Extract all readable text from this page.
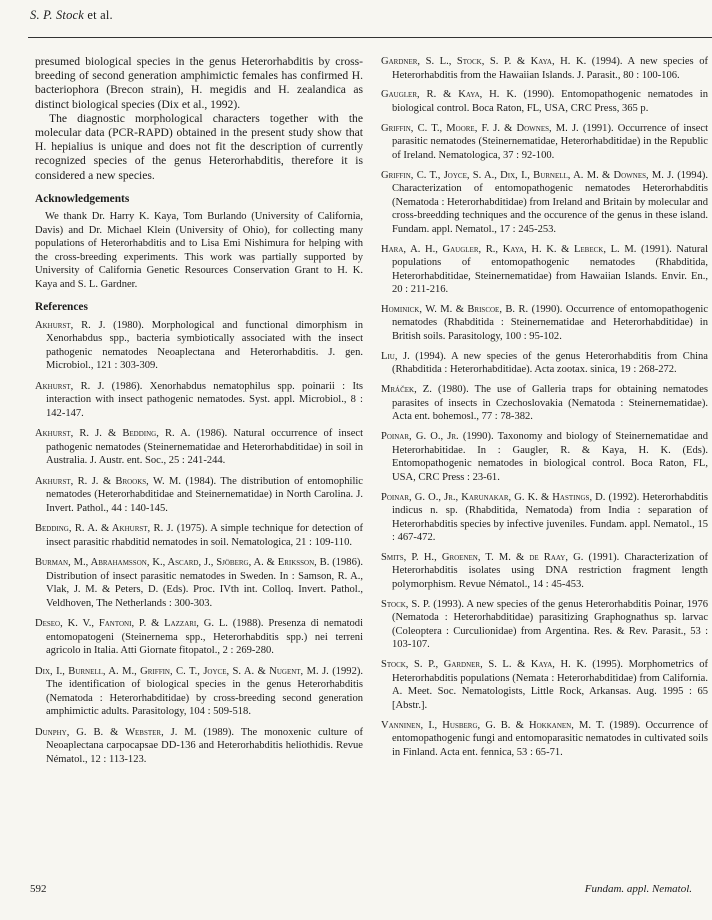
S. P. Stock et al.

presumed biological species in the genus Heterorhabditis by cross-breeding of second generation amphimictic females has confirmed H. bacteriophora (Brecon strain), H. megidis and H. zealandica as distinct biological species (Dix et al., 1992).

The diagnostic morphological characters together with the molecular data (PCR-RAPD) obtained in the present study show that H. hepialius is unique and does not fit the description of currently recognized species of the genus Heterorhabditis, therefore it is considered a new species.

Acknowledgements

We thank Dr. Harry K. Kaya, Tom Burlando (University of California, Davis) and Dr. Michael Klein (University of Ohio), for collecting many populations of Heterorhabditis and to Lisa Emi Nishimura for helping with the cross-breeding experiments. This work was partially supported by University of California Genetic Resources Conservation Grant to H. K. Kaya and S. L. Gardner.

References

Akhurst, R. J. (1980). Morphological and functional dimorphism in Xenorhabdus spp., bacteria symbiotically associated with the insect pathogenic nematodes Neoaplectana and Heterorhabditis. J. gen. Microbiol., 121 : 303-309.

Akhurst, R. J. (1986). Xenorhabdus nematophilus spp. poinarii : Its interaction with insect pathogenic nematodes. Syst. appl. Microbiol., 8 : 142-147.

Akhurst, R. J. & Bedding, R. A. (1986). Natural occurrence of insect pathogenic nematodes (Steinernematidae and Heterorhabditidae) in soil in Australia. J. Austr. ent. Soc., 25 : 241-244.

Akhurst, R. J. & Brooks, W. M. (1984). The distribution of entomophilic nematodes (Heterorhabditidae and Steinernematidae) in North Carolina. J. Invert. Pathol., 44 : 140-145.

Bedding, R. A. & Akhurst, R. J. (1975). A simple technique for detection of insect parasitic rhabditid nematodes in soil. Nematologica, 21 : 109-110.

Burman, M., Abrahamsson, K., Ascard, J., Sjöberg, A. & Eriksson, B. (1986). Distribution of insect parasitic nematodes in Sweden. In : Samson, R. A., Vlak, J. M. & Peters, D. (Eds). Proc. IVth int. Colloq. Invert. Pathol., Veldhoven, The Netherlands : 300-303.

Deseo, K. V., Fantoni, P. & Lazzari, G. L. (1988). Presenza di nematodi entomopatogeni (Steinernema spp., Heterorhabditis spp.) nei terreni agricolo in Italia. Atti Giornate fitopatol., 2 : 269-280.

Dix, I., Burnell, A. M., Griffin, C. T., Joyce, S. A. & Nugent, M. J. (1992). The identification of biological species in the genus Heterorhabditis (Nematoda : Heterorhabditidae) by cross-breeding second generation amphimictic adults. Parasitology, 104 : 509-518.

Dunphy, G. B. & Webster, J. M. (1989). The monoxenic culture of Neoaplectana carpocapsae DD-136 and Heterorhabditis heliothidis. Revue Nématol., 12 : 113-123.

Gardner, S. L., Stock, S. P. & Kaya, H. K. (1994). A new species of Heterorhabditis from the Hawaiian Islands. J. Parasit., 80 : 100-106.

Gaugler, R. & Kaya, H. K. (1990). Entomopathogenic nematodes in biological control. Boca Raton, FL, USA, CRC Press, 365 p.

Griffin, C. T., Moore, F. J. & Downes, M. J. (1991). Occurrence of insect parasitic nematodes (Steinernematidae, Heterorhabditidae) in the Republic of Ireland. Nematologica, 37 : 92-100.

Griffin, C. T., Joyce, S. A., Dix, I., Burnell, A. M. & Downes, M. J. (1994). Characterization of entomopathogenic nematodes Heterorhabditis (Nematoda : Heterorhabditidae) from Ireland and Britain by molecular and cross-breedding techniques and the occurence of the genus in these island. Fundam. appl. Nematol., 17 : 245-253.

Hara, A. H., Gaugler, R., Kaya, H. K. & Lebeck, L. M. (1991). Natural populations of entomopathogenic nematodes (Rhabditida, Heterorhabditidae, Steinernematidae) from Hawaiian Islands. Envir. En., 20 : 211-216.

Hominick, W. M. & Briscoe, B. R. (1990). Occurrence of entomopathogenic nematodes (Rhabditida : Steinernematidae and Heterorhabditidae) in British soils. Parasitology, 100 : 95-102.

Liu, J. (1994). A new species of the genus Heterorhabditis from China (Rhabditida : Heterorhabditidae). Acta zootax. sinica, 19 : 268-272.

Mráček, Z. (1980). The use of Galleria traps for obtaining nematodes parasites of insects in Czechoslovakia (Nematoda : Steinernematidae). Acta ent. bohemosl., 77 : 78-382.

Poinar, G. O., Jr. (1990). Taxonomy and biology of Steinernematidae and Heterorhabitidae. In : Gaugler, R. & Kaya, H. K. (Eds). Entomopathogenic nematodes in biological control. Boca Raton, FL, USA, CRC Press : 23-61.

Poinar, G. O., Jr., Karunakar, G. K. & Hastings, D. (1992). Heterorhabditis indicus n. sp. (Rhabditida, Nematoda) from India : separation of Heterorhabditis species by infective juveniles. Fundam. appl. Nematol., 15 : 467-472.

Smits, P. H., Groenen, T. M. & de Raay, G. (1991). Characterization of Heterorhabditis isolates using DNA restriction fragment length polymorphism. Revue Nématol., 14 : 45-453.

Stock, S. P. (1993). A new species of the genus Heterorhabditis Poinar, 1976 (Nematoda : Heterorhabditidae) parasitizing Graphognathus sp. larvac (Coleoptera : Curculionidae) from Argentina. Res. & Rev. Parasit., 53 : 103-107.

Stock, S. P., Gardner, S. L. & Kaya, H. K. (1995). Morphometrics of Heterorhabditis populations (Nemata : Heterorhabditidae) from California. A. Meet. Soc. Nematologists, Little Rock, Arkansas. Aug. 1995 : 65 [Abstr.].

Vanninen, I., Husberg, G. B. & Hokkanen, M. T. (1989). Occurrence of entomopathogenic fungi and entomoparasitic nematodes in cultivated soils in Finland. Acta ent. fennica, 53 : 65-71.

592	Fundam. appl. Nematol.
